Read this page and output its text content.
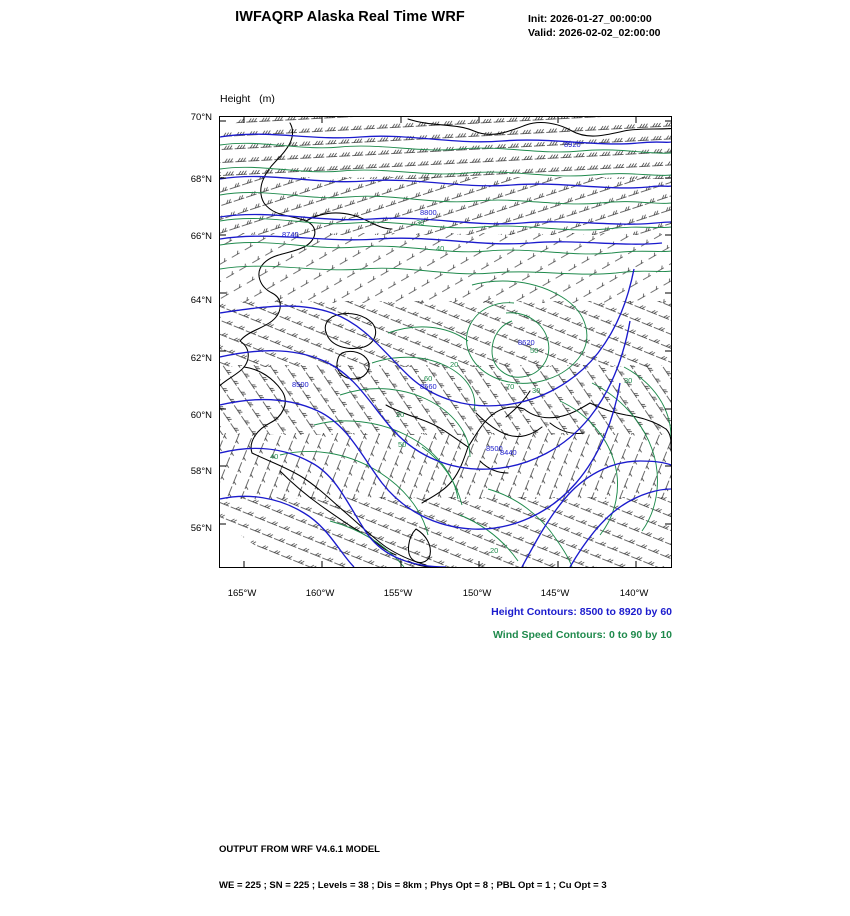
IWFAQRP Alaska Real Time WRF	Init: 2026-01-27_00:00:00
Valid: 2026-02-02_02:00:00

Height   (m)

70°N
68°N
66°N
64°N
62°N
60°N
58°N
56°N
165°W	160°W	155°W	150°W	145°W	140°W
8920
8800
8740
8620
8560
8500
8500
8440
30
40
50
60
70
20
30
40
50
20
30
20
Height Contours: 8500 to 8920 by 60
Wind Speed Contours: 0 to 90 by 10

OUTPUT FROM WRF V4.6.1 MODEL

WE = 225 ; SN = 225 ; Levels = 38 ; Dis = 8km ; Phys Opt = 8 ; PBL Opt = 1 ; Cu Opt = 3
